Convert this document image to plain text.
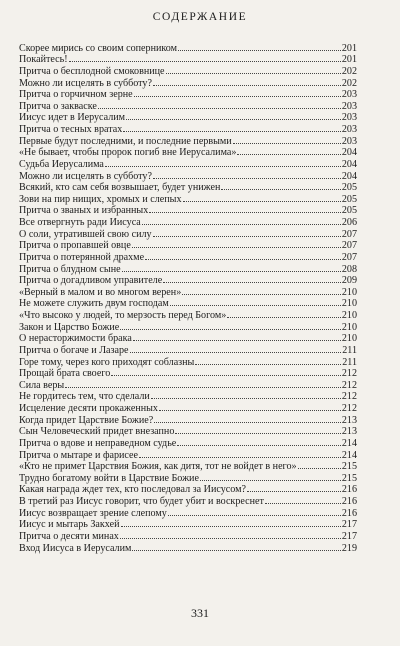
СОДЕРЖАНИЕ
Скорее мирись со своим соперником	201
Покайтесь!	201
Притча о бесплодной смоковнице	202
Можно ли исцелять в субботу?	202
Притча о горчичном зерне	203
Притча о закваске	203
Иисус идет в Иерусалим	203
Притча о тесных вратах	203
Первые будут последними, и последние первыми	203
«Не бывает, чтобы пророк погиб вне Иерусалима»	204
Судьба Иерусалима	204
Можно ли исцелять в субботу?	204
Всякий, кто сам себя возвышает, будет унижен	205
Зови на пир нищих, хромых и слепых	205
Притча о званых и избранных	205
Все отвергнуть ради Иисуса	206
О соли, утратившей свою силу	207
Притча о пропавшей овце	207
Притча о потерянной драхме	207
Притча о блудном сыне	208
Притча о догадливом управителе	209
«Верный в малом и во многом верен»	210
Не можете служить двум господам	210
«Что высоко у людей, то мерзость перед Богом»	210
Закон и Царство Божие	210
О нерасторжимости брака	210
Притча о богаче и Лазаре	211
Горе тому, через кого приходят соблазны	211
Прощай брата своего	212
Сила веры	212
Не гордитесь тем, что сделали	212
Исцеление десяти прокаженных	212
Когда придет Царствие Божие?	213
Сын Человеческий придет внезапно	213
Притча о вдове и неправедном судье	214
Притча о мытаре и фарисее	214
«Кто не примет Царствия Божия, как дитя, тот не войдет в него»	215
Трудно богатому войти в Царствие Божие	215
Какая награда ждет тех, кто последовал за Иисусом?	216
В третий раз Иисус говорит, что будет убит и воскреснет	216
Иисус возвращает зрение слепому	216
Иисус и мытарь Закхей	217
Притча о десяти минах	217
Вход Иисуса в Иерусалим	219
331
